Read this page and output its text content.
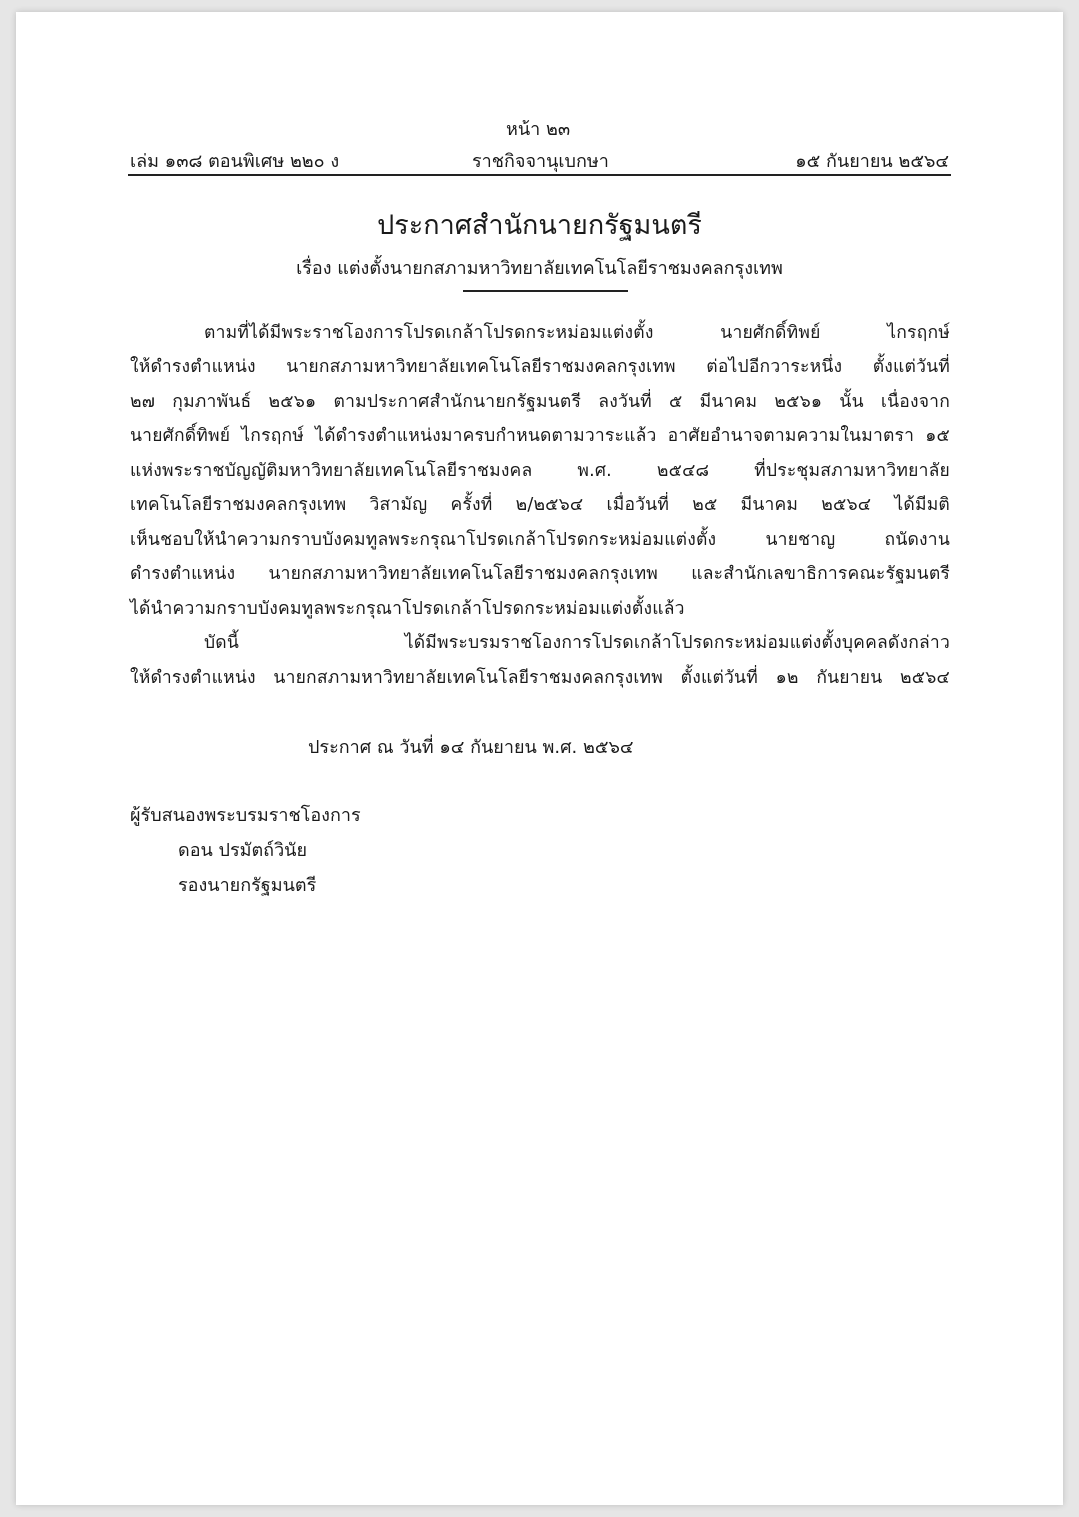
หน้า ๒๓
เล่ม ๑๓๘ ตอนพิเศษ ๒๒๐ ง	ราชกิจจานุเบกษา	๑๕ กันยายน ๒๕๖๔
ประกาศสำนักนายกรัฐมนตรี
เรื่อง แต่งตั้งนายกสภามหาวิทยาลัยเทคโนโลยีราชมงคลกรุงเทพ
ตามที่ได้มีพระราชโองการโปรดเกล้าโปรดกระหม่อมแต่งตั้ง นายศักดิ์ทิพย์ ไกรฤกษ์
ให้ดำรงตำแหน่ง นายกสภามหาวิทยาลัยเทคโนโลยีราชมงคลกรุงเทพ ต่อไปอีกวาระหนึ่ง ตั้งแต่วันที่
๒๗ กุมภาพันธ์ ๒๕๖๑ ตามประกาศสำนักนายกรัฐมนตรี ลงวันที่ ๕ มีนาคม ๒๕๖๑ นั้น เนื่องจาก
นายศักดิ์ทิพย์ ไกรฤกษ์ ได้ดำรงตำแหน่งมาครบกำหนดตามวาระแล้ว อาศัยอำนาจตามความในมาตรา ๑๕
แห่งพระราชบัญญัติมหาวิทยาลัยเทคโนโลยีราชมงคล พ.ศ. ๒๕๔๘ ที่ประชุมสภามหาวิทยาลัย
เทคโนโลยีราชมงคลกรุงเทพ วิสามัญ ครั้งที่ ๒/๒๕๖๔ เมื่อวันที่ ๒๕ มีนาคม ๒๕๖๔ ได้มีมติ
เห็นชอบให้นำความกราบบังคมทูลพระกรุณาโปรดเกล้าโปรดกระหม่อมแต่งตั้ง นายชาญ ถนัดงาน
ดำรงตำแหน่ง นายกสภามหาวิทยาลัยเทคโนโลยีราชมงคลกรุงเทพ และสำนักเลขาธิการคณะรัฐมนตรี
ได้นำความกราบบังคมทูลพระกรุณาโปรดเกล้าโปรดกระหม่อมแต่งตั้งแล้ว
บัดนี้ ได้มีพระบรมราชโองการโปรดเกล้าโปรดกระหม่อมแต่งตั้งบุคคลดังกล่าว
ให้ดำรงตำแหน่ง นายกสภามหาวิทยาลัยเทคโนโลยีราชมงคลกรุงเทพ ตั้งแต่วันที่ ๑๒ กันยายน ๒๕๖๔
ประกาศ ณ วันที่ ๑๔ กันยายน พ.ศ. ๒๕๖๔
ผู้รับสนองพระบรมราชโองการ
ดอน ปรมัตถ์วินัย
รองนายกรัฐมนตรี
